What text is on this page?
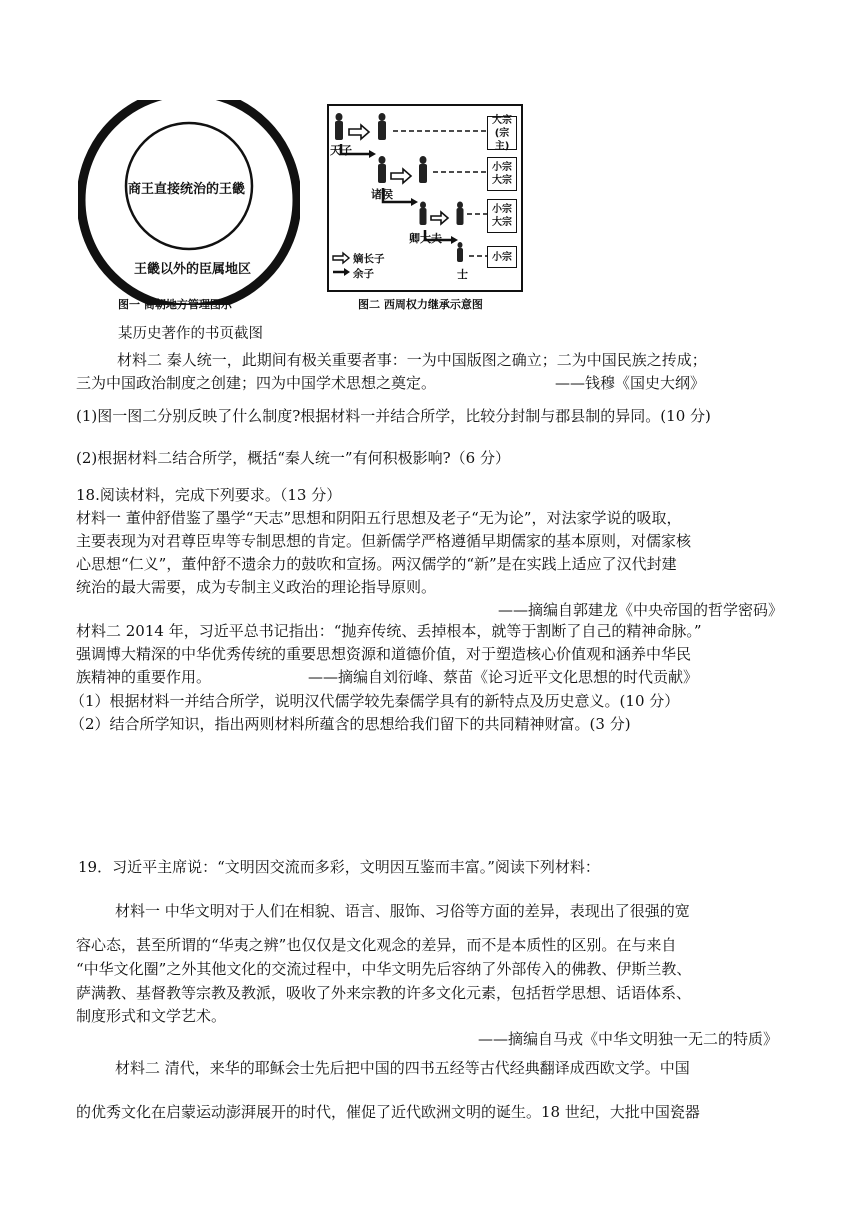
商王直接统治的王畿
王畿以外的臣属地区
图一 商朝地方管理图示
天子
诸侯
卿大夫
士
大宗
(宗主)
小宗
大宗
小宗
大宗
小宗
嫡长子
余子
图二 西周权力继承示意图
某历史著作的书页截图
材料二 秦人统一，此期间有极关重要者事：一为中国版图之确立；二为中国民族之抟成；
三为中国政治制度之创建；四为中国学术思想之奠定。	——钱穆《国史大纲》
(1)图一图二分别反映了什么制度?根据材料一并结合所学，比较分封制与郡县制的异同。(10 分)
(2)根据材料二结合所学，概括“秦人统一”有何积极影响?（6 分）
18.阅读材料，完成下列要求。（13 分）
材料一 董仲舒借鉴了墨学“天志”思想和阴阳五行思想及老子“无为论”，对法家学说的吸取，
主要表现为对君尊臣卑等专制思想的肯定。但新儒学严格遵循早期儒家的基本原则，对儒家核
心思想“仁义”，董仲舒不遗余力的鼓吹和宣扬。两汉儒学的“新”是在实践上适应了汉代封建
统治的最大需要，成为专制主义政治的理论指导原则。
——摘编自郭建龙《中央帝国的哲学密码》
材料二 2014 年，习近平总书记指出：“抛弃传统、丢掉根本，就等于割断了自己的精神命脉。”
强调博大精深的中华优秀传统的重要思想资源和道德价值，对于塑造核心价值观和涵养中华民
族精神的重要作用。	——摘编自刘衍峰、蔡苗《论习近平文化思想的时代贡献》
（1）根据材料一并结合所学，说明汉代儒学较先秦儒学具有的新特点及历史意义。(10 分）
（2）结合所学知识，指出两则材料所蕴含的思想给我们留下的共同精神财富。(3 分)
19．习近平主席说：“文明因交流而多彩，文明因互鉴而丰富。”阅读下列材料：
材料一 中华文明对于人们在相貌、语言、服饰、习俗等方面的差异，表现出了很强的宽
容心态，甚至所谓的“华夷之辨”也仅仅是文化观念的差异，而不是本质性的区别。在与来自
“中华文化圈”之外其他文化的交流过程中，中华文明先后容纳了外部传入的佛教、伊斯兰教、
萨满教、基督教等宗教及教派，吸收了外来宗教的许多文化元素，包括哲学思想、话语体系、
制度形式和文学艺术。
——摘编自马戎《中华文明独一无二的特质》
材料二 清代，来华的耶稣会士先后把中国的四书五经等古代经典翻译成西欧文学。中国
的优秀文化在启蒙运动澎湃展开的时代，催促了近代欧洲文明的诞生。18 世纪，大批中国瓷器
